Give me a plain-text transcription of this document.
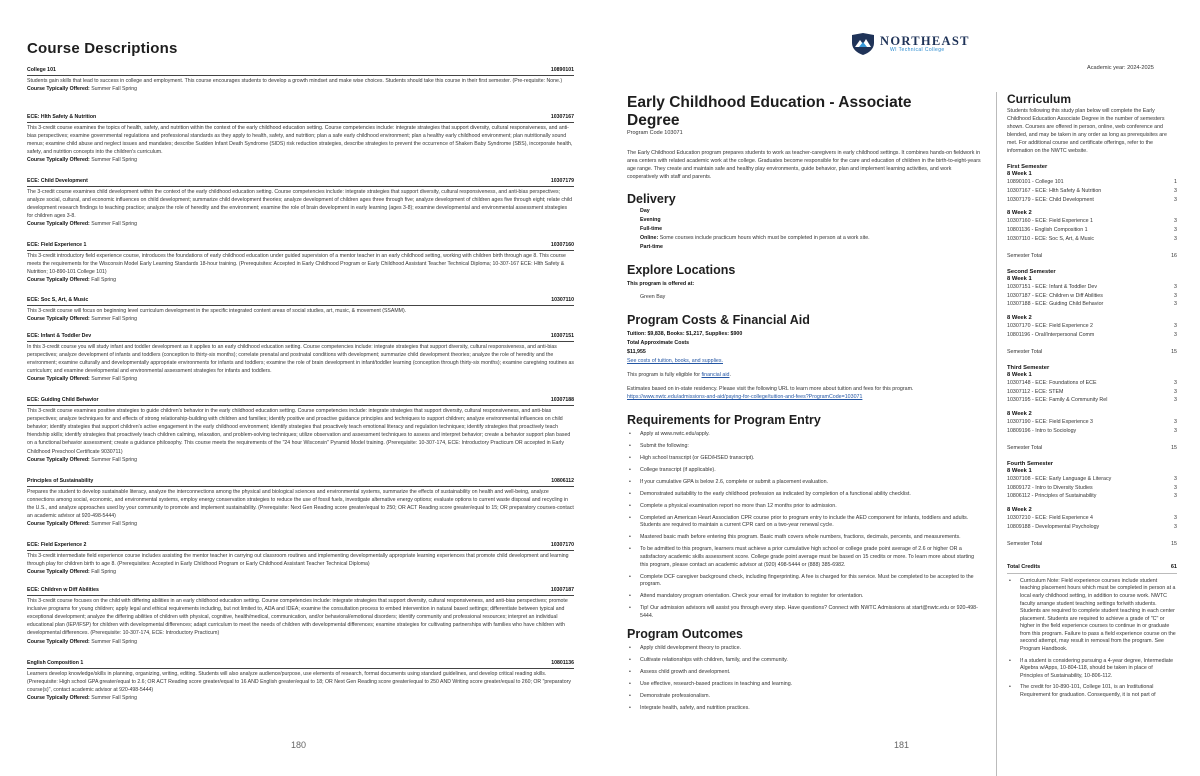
Course Descriptions
College 101	10890101
Students gain skills that lead to success in college and employment. This course encourages students to develop a growth mindset and make wise choices. Students should take this course in their first semester. (Pre-requisite: None.)
Course Typically Offered: Summer Fall Spring
ECE: Hlth Safety & Nutrition	10307167
This 3-credit course examines the topics of health, safety, and nutrition within the context of the early childhood education setting. Course competencies include: integrate strategies that support diversity, cultural responsiveness, and anti-bias perspectives; examine governmental regulations and professional standards as they apply to health, safety, and nutrition; plan a safe early childhood environment; plan a healthy early childhood environment; plan nutritionally sound menus; examine child abuse and neglect issues and mandates; describe Sudden Infant Death Syndrome (SIDS) risk reduction strategies, describe strategies to prevent the occurrence of Shaken Baby Syndrome (SBS), incorporate health, safety, and nutrition concepts into the children's curriculum.
Course Typically Offered: Summer Fall Spring
ECE: Child Development	10307179
The 3-credit course examines child development within the context of the early childhood education setting. Course competencies include: integrate strategies that support diversity, cultural responsiveness, and anti-bias perspectives; analyze social, cultural, and economic influences on child development; summarize child development theories; analyze development of children ages three through five; analyze development of children ages five through eight; relate child development research findings to teaching practice; analyze the role of heredity and the environment; examine the role of brain development in early learning (ages 3-8); examine developmental and environmental assessment strategies for children ages 3-8.
Course Typically Offered: Summer Fall Spring
ECE: Field Experience 1	10307160
This 3-credit introductory field experience course, introduces the foundations of early childhood education under guided supervision of a mentor teacher in an early childhood setting, working with children birth through age 8. This course meets the requirements for the Wisconsin Model Early Learning Standards 18-hour training. (Prerequisites: Accepted in Early Childhood Program or Early Childhood Assistant Teacher Technical Diploma; 10-307-167 ECE: Hlth Safety & Nutrition; 10-890-101 College 101)
Course Typically Offered: Fall Spring
ECE: Soc S, Art, & Music	10307110
This 3-credit course will focus on beginning level curriculum development in the specific integrated content areas of social studies, art, music, & movement (SSAMM).
Course Typically Offered: Summer Fall Spring
ECE: Infant & Toddler Dev	10307151
In this 3-credit course you will study infant and toddler development as it applies to an early childhood education setting. Course competencies include: integrate strategies that support diversity, cultural responsiveness, and anti-bias perspectives; analyze development of infants and toddlers (conception to thirty-six months); correlate prenatal and postnatal conditions with development; summarize child development theories; analyze the role of heredity and the environment; examine culturally and developmentally appropriate environments for infants and toddlers; examine the role of brain development in infant/toddler learning (conception through thirty-six months); examine caregiving routines as curriculum; and examine developmental and environmental assessment strategies for infants and toddlers.
Course Typically Offered: Summer Fall Spring
ECE: Guiding Child Behavior	10307188
This 3-credit course examines positive strategies to guide children's behavior in the early childhood education setting. Course competencies include: integrate strategies that support diversity, cultural responsiveness, and anti-bias perspectives; analyze techniques for and effects of strong relationship-building with children and families; identify positive and proactive guidance principles and techniques to support children; analyze environmental influences on child behavior; identify strategies that support children's active engagement in the early childhood environment; identify strategies that proactively teach emotional literacy and regulation techniques; identify strategies that proactively teach friendship skills; identify strategies that proactively teach children calming, relaxation, and problem-solving techniques; utilize observation and assessment techniques to assess and interpret behavior; create a behavior support plan based on a functional behavior assessment; create a guidance philosophy. This course meets the requirements of the "24 hour Wisconsin" Pyramid Model training. (Prerequisite: 10-307-174, ECE: Introductory Practicum OR accepted in Early Childhood Preschool Certificate 9030711)
Course Typically Offered: Summer Fall Spring
Principles of Sustainability	10806112
Prepares the student to develop sustainable literacy, analyze the interconnections among the physical and biological sciences and environmental systems, summarize the effects of sustainability on health and well-being, analyze connections among social, economic, and environmental systems, employ energy conservation strategies to reduce the use of fossil fuels, investigate alternative energy options; evaluate options to current waste disposal and recycling in the U.S., and analyze approaches used by your community to promote and implement sustainability. (Prerequisite: Next Gen Reading score greater/equal to 250; OR ACT Reading score greater/equal to 15; OR preparatory courses-contact an academic advisor at 920-498-5444)
Course Typically Offered: Summer Fall Spring
ECE: Field Experience 2	10307170
This 3-credit intermediate field experience course includes assisting the mentor teacher in carrying out classroom routines and implementing developmentally appropriate learning experiences that promote child development and learning through play for children birth to age 8. (Prerequisites: Accepted in Early Childhood Program or Early Childhood Assistant Teacher Technical Diploma)
Course Typically Offered: Fall Spring
ECE: Children w Diff Abilities	10307187
This 3-credit course focuses on the child with differing abilities in an early childhood education setting. Course competencies include: integrate strategies that support diversity, cultural responsiveness, and anti-bias perspectives; promote inclusive programs for young children; apply legal and ethical requirements including, but not limited to, ADA and IDEA; examine the consultation process to embed intervention in natural based settings; differentiate between typical and exceptional development; analyze the differing abilities of children with physical, cognitive, health/medical, communication, and/or behavioral/emotional disorders; identify community and professional resources; interpret an individual educational plan (IEP/IFSP) for children with developmental differences; adapt curriculum to meet the needs of children with developmental differences; examine strategies for cultivating partnerships with families who have children with developmental differences. (Prerequisite: 10-307-174, ECE: Introductory Practicum)
Course Typically Offered: Summer Fall Spring
English Composition 1	10801136
Learners develop knowledge/skills in planning, organizing, writing, editing. Students will also analyze audience/purpose, use elements of research, format documents using standard guidelines, and develop critical reading skills. (Prerequisite: High school GPA greater/equal to 2.6; OR ACT Reading score greater/equal to 16 AND English greater/equal to 18; OR Next Gen Reading score greater/equal to 250 AND Writing score greater/equal to 260; OR "preparatory course(s)", contact academic advisor at 920-498-5444)
Course Typically Offered: Summer Fall Spring
180
NORTHEAST
WI Technical College
Academic year: 2024-2025
Early Childhood Education - Associate
Degree
Program Code 103071

The Early Childhood Education program prepares students to work as teacher-caregivers in early childhood settings. It combines hands-on fieldwork in area centers with related academic work at the college. Graduates become responsible for the care and education of children in the birth-to-eight-years age range. They create and maintain safe and healthy play environments, guide behavior, plan and implement learning activities, and work cooperatively with staff and parents.

Delivery
Day
Evening
Full-time
Online: Some courses include practicum hours which must be completed in person at a work site.
Part-time
Explore Locations
This program is offered at:
Green Bay
Program Costs & Financial Aid
Tuition: $9,838, Books: $1,217, Supplies: $900
Total Approximate Costs
$11,955
See costs of tuition, books, and supplies.
This program is fully eligible for financial aid.
Estimates based on in-state residency. Please visit the following URL to learn more about tuition and fees for this program.
https://www.nwtc.edu/admissions-and-aid/paying-for-college/tuition-and-fees?ProgramCode=103071
Requirements for Program Entry
• Apply at www.nwtc.edu/apply.
• Submit the following:
• High school transcript (or GED/HSED transcript).
• College transcript (if applicable).
• If your cumulative GPA is below 2.6, complete or submit a placement evaluation.
• Demonstrated suitability to the early childhood profession as indicated by completion of a functional ability checklist.
• Complete a physical examination report no more than 12 months prior to admission.
• Completed an American Heart Association CPR course prior to program entry to include the AED component for infants, toddlers and adults. Students are required to maintain a current CPR card on a two-year renewal cycle.
• Mastered basic math before entering this program. Basic math covers whole numbers, fractions, decimals, percents, and measurements.
• To be admitted to this program, learners must achieve a prior cumulative high school or college grade point average of 2.6 or higher OR a satisfactory academic skills assessment score. College grade point average must be based on 15 credits or more. To learn more about starting this program, please contact an academic advisor at (920) 498-5444 or (888) 385-6982.
• Complete DCF caregiver background check, including fingerprinting. A fee is charged for this service. Must be completed to be accepted to the program.
• Attend mandatory program orientation. Check your email for invitation to register for orientation.
• Tip! Our admission advisors will assist you through every step. Have questions? Connect with NWTC Admissions at start@nwtc.edu or 920-498-5444.
Program Outcomes
• Apply child development theory to practice.
• Cultivate relationships with children, family, and the community.
• Assess child growth and development.
• Use effective, research-based practices in teaching and learning.
• Demonstrate professionalism.
• Integrate health, safety, and nutrition practices.
Curriculum

Students following this study plan below will complete the Early Childhood Education Associate Degree in the number of semesters shown. Courses are offered in person, online, web conference and blended, and may be taken in any order as long as prerequisites are met. For additional course and certificate offerings, refer to the information on the NWTC website.

First Semester
8 Week 1
10890101 - College 101	1
10307167 - ECE: Hlth Safety & Nutrition	3
10307179 - ECE: Child Development	3
8 Week 2
10307160 - ECE: Field Experience 1	3
10801136 - English Composition 1	3
10307110 - ECE: Soc S, Art, & Music	3
Semester Total	16
Second Semester
8 Week 1
10307151 - ECE: Infant & Toddler Dev	3
10307187 - ECE: Children w Diff Abilities	3
10307188 - ECE: Guiding Child Behavior	3
8 Week 2
10307170 - ECE: Field Experience 2	3
10801196 - Oral/Interpersonal Comm	3
Semester Total	15
Third Semester
8 Week 1
10307148 - ECE: Foundations of ECE	3
10307112 - ECE: STEM	3
10307195 - ECE: Family & Community Rel	3
8 Week 2
10307190 - ECE: Field Experience 3	3
10809196 - Intro to Sociology	3
Semester Total	15
Fourth Semester
8 Week 1
10307108 - ECE: Early Language & Literacy	3
10809172 - Intro to Diversity Studies	3
10806112 - Principles of Sustainability	3
8 Week 2
10307210 - ECE: Field Experience 4	3
10809188 - Developmental Psychology	3
Semester Total	15
Total Credits	61
• Curriculum Note: Field experience courses include student teaching placement hours which must be completed in person at a local early childhood setting, in addition to course work. NWTC faculty arrange student teaching settings for/with students. Students are required to complete student teaching in each center placement. Students are required to achieve a grade of "C" or higher in the field experience courses to continue in or graduate from this program. Failure to pass a field experience course on the second attempt, may result in removal from the program. See Program Handbook.
• If a student is considering pursuing a 4-year degree, Intermediate Algebra w/Apps, 10-804-118, should be taken in place of Principles of Sustainability, 10-806-112.
• The credit for 10-890-101, College 101, is an Institutional Requirement for graduation. Consequently, it is not part of
181
